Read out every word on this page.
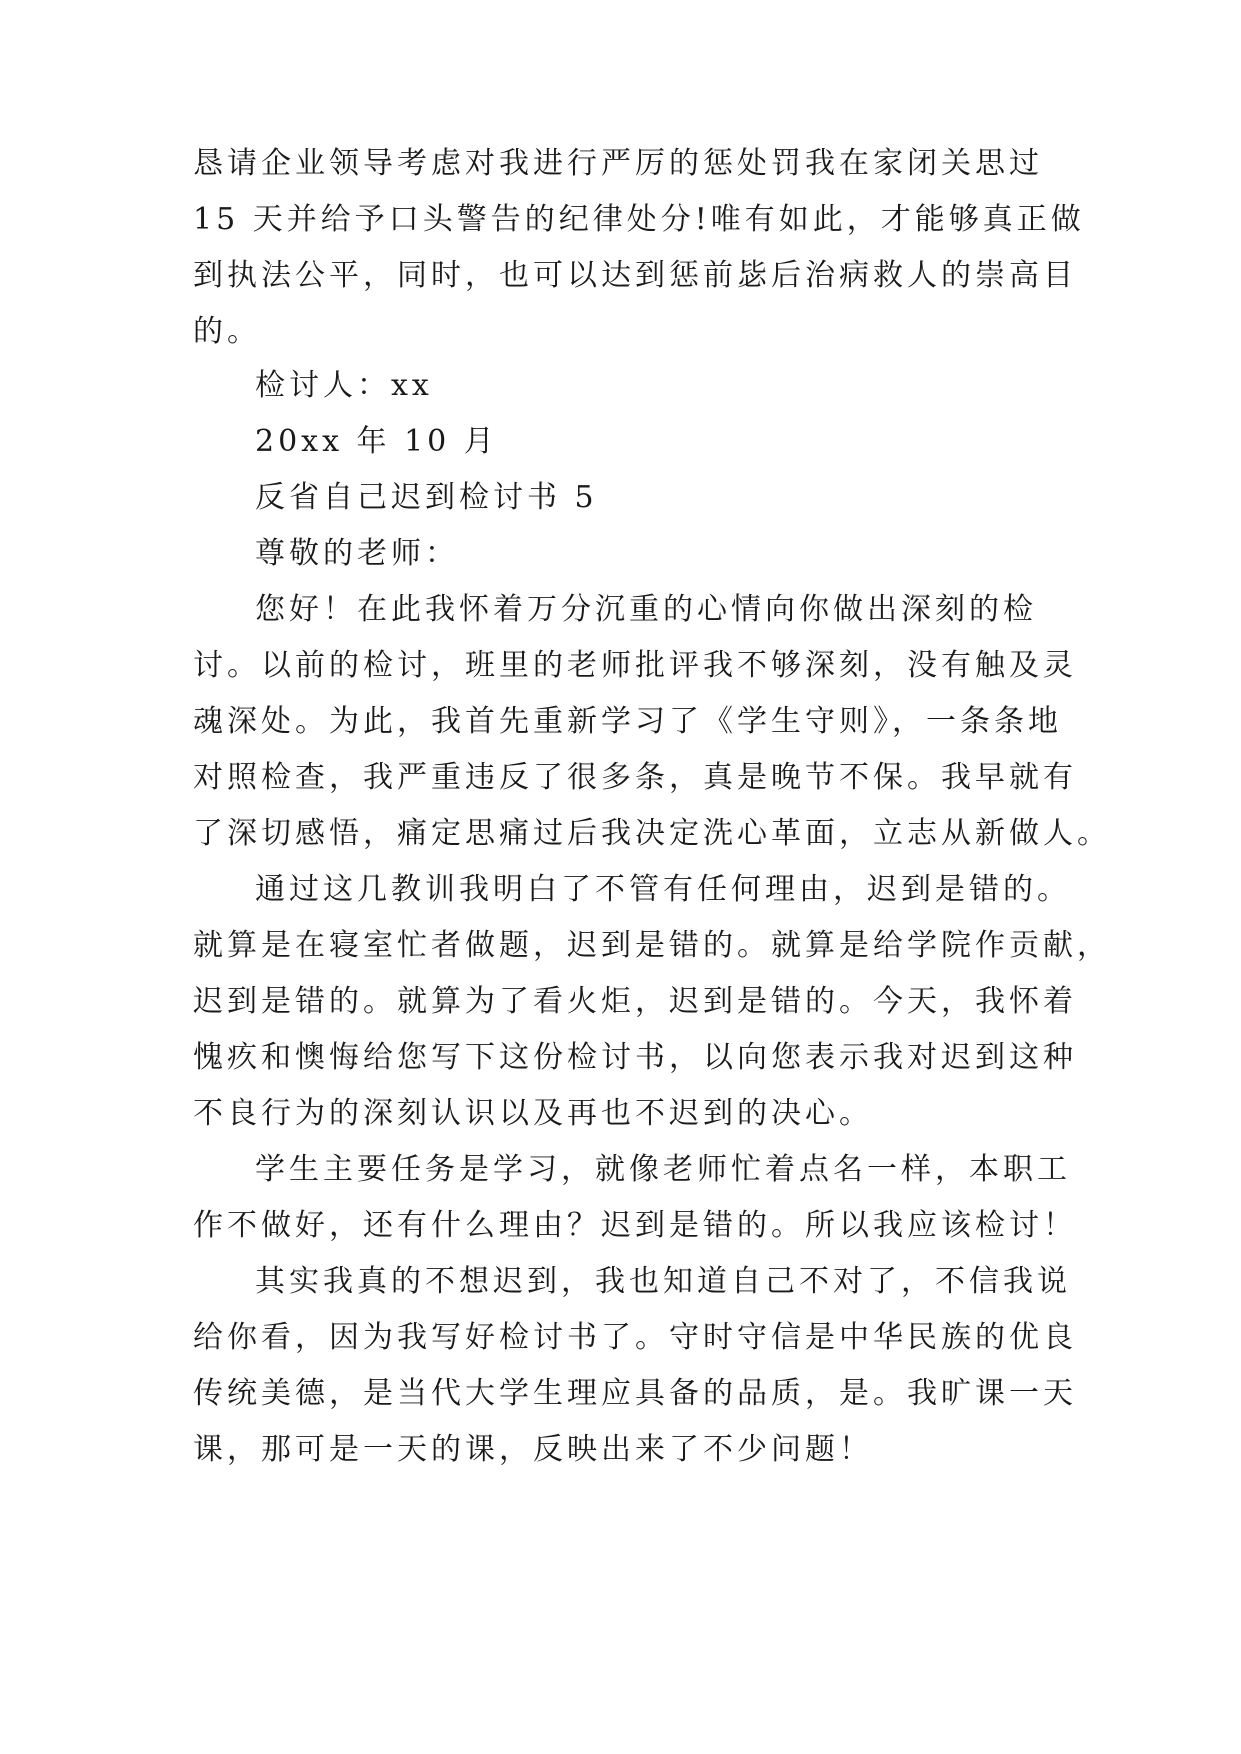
恳请企业领导考虑对我进行严厉的惩处罚我在家闭关思过

15 天并给予口头警告的纪律处分!唯有如此，才能够真正做

到执法公平，同时，也可以达到惩前毖后治病救人的崇高目

的。

检讨人：xx

20xx 年 10 月

反省自己迟到检讨书 5

尊敬的老师：

您好！在此我怀着万分沉重的心情向你做出深刻的检

讨。以前的检讨，班里的老师批评我不够深刻，没有触及灵

魂深处。为此，我首先重新学习了《学生守则》，一条条地

对照检查，我严重违反了很多条，真是晚节不保。我早就有

了深切感悟，痛定思痛过后我决定洗心革面，立志从新做人。

通过这几教训我明白了不管有任何理由，迟到是错的。

就算是在寝室忙者做题，迟到是错的。就算是给学院作贡献，

迟到是错的。就算为了看火炬，迟到是错的。今天，我怀着

愧疚和懊悔给您写下这份检讨书，以向您表示我对迟到这种

不良行为的深刻认识以及再也不迟到的决心。

学生主要任务是学习，就像老师忙着点名一样，本职工

作不做好，还有什么理由？迟到是错的。所以我应该检讨！

其实我真的不想迟到，我也知道自己不对了，不信我说

给你看，因为我写好检讨书了。守时守信是中华民族的优良

传统美德，是当代大学生理应具备的品质，是。我旷课一天

课，那可是一天的课，反映出来了不少问题！
